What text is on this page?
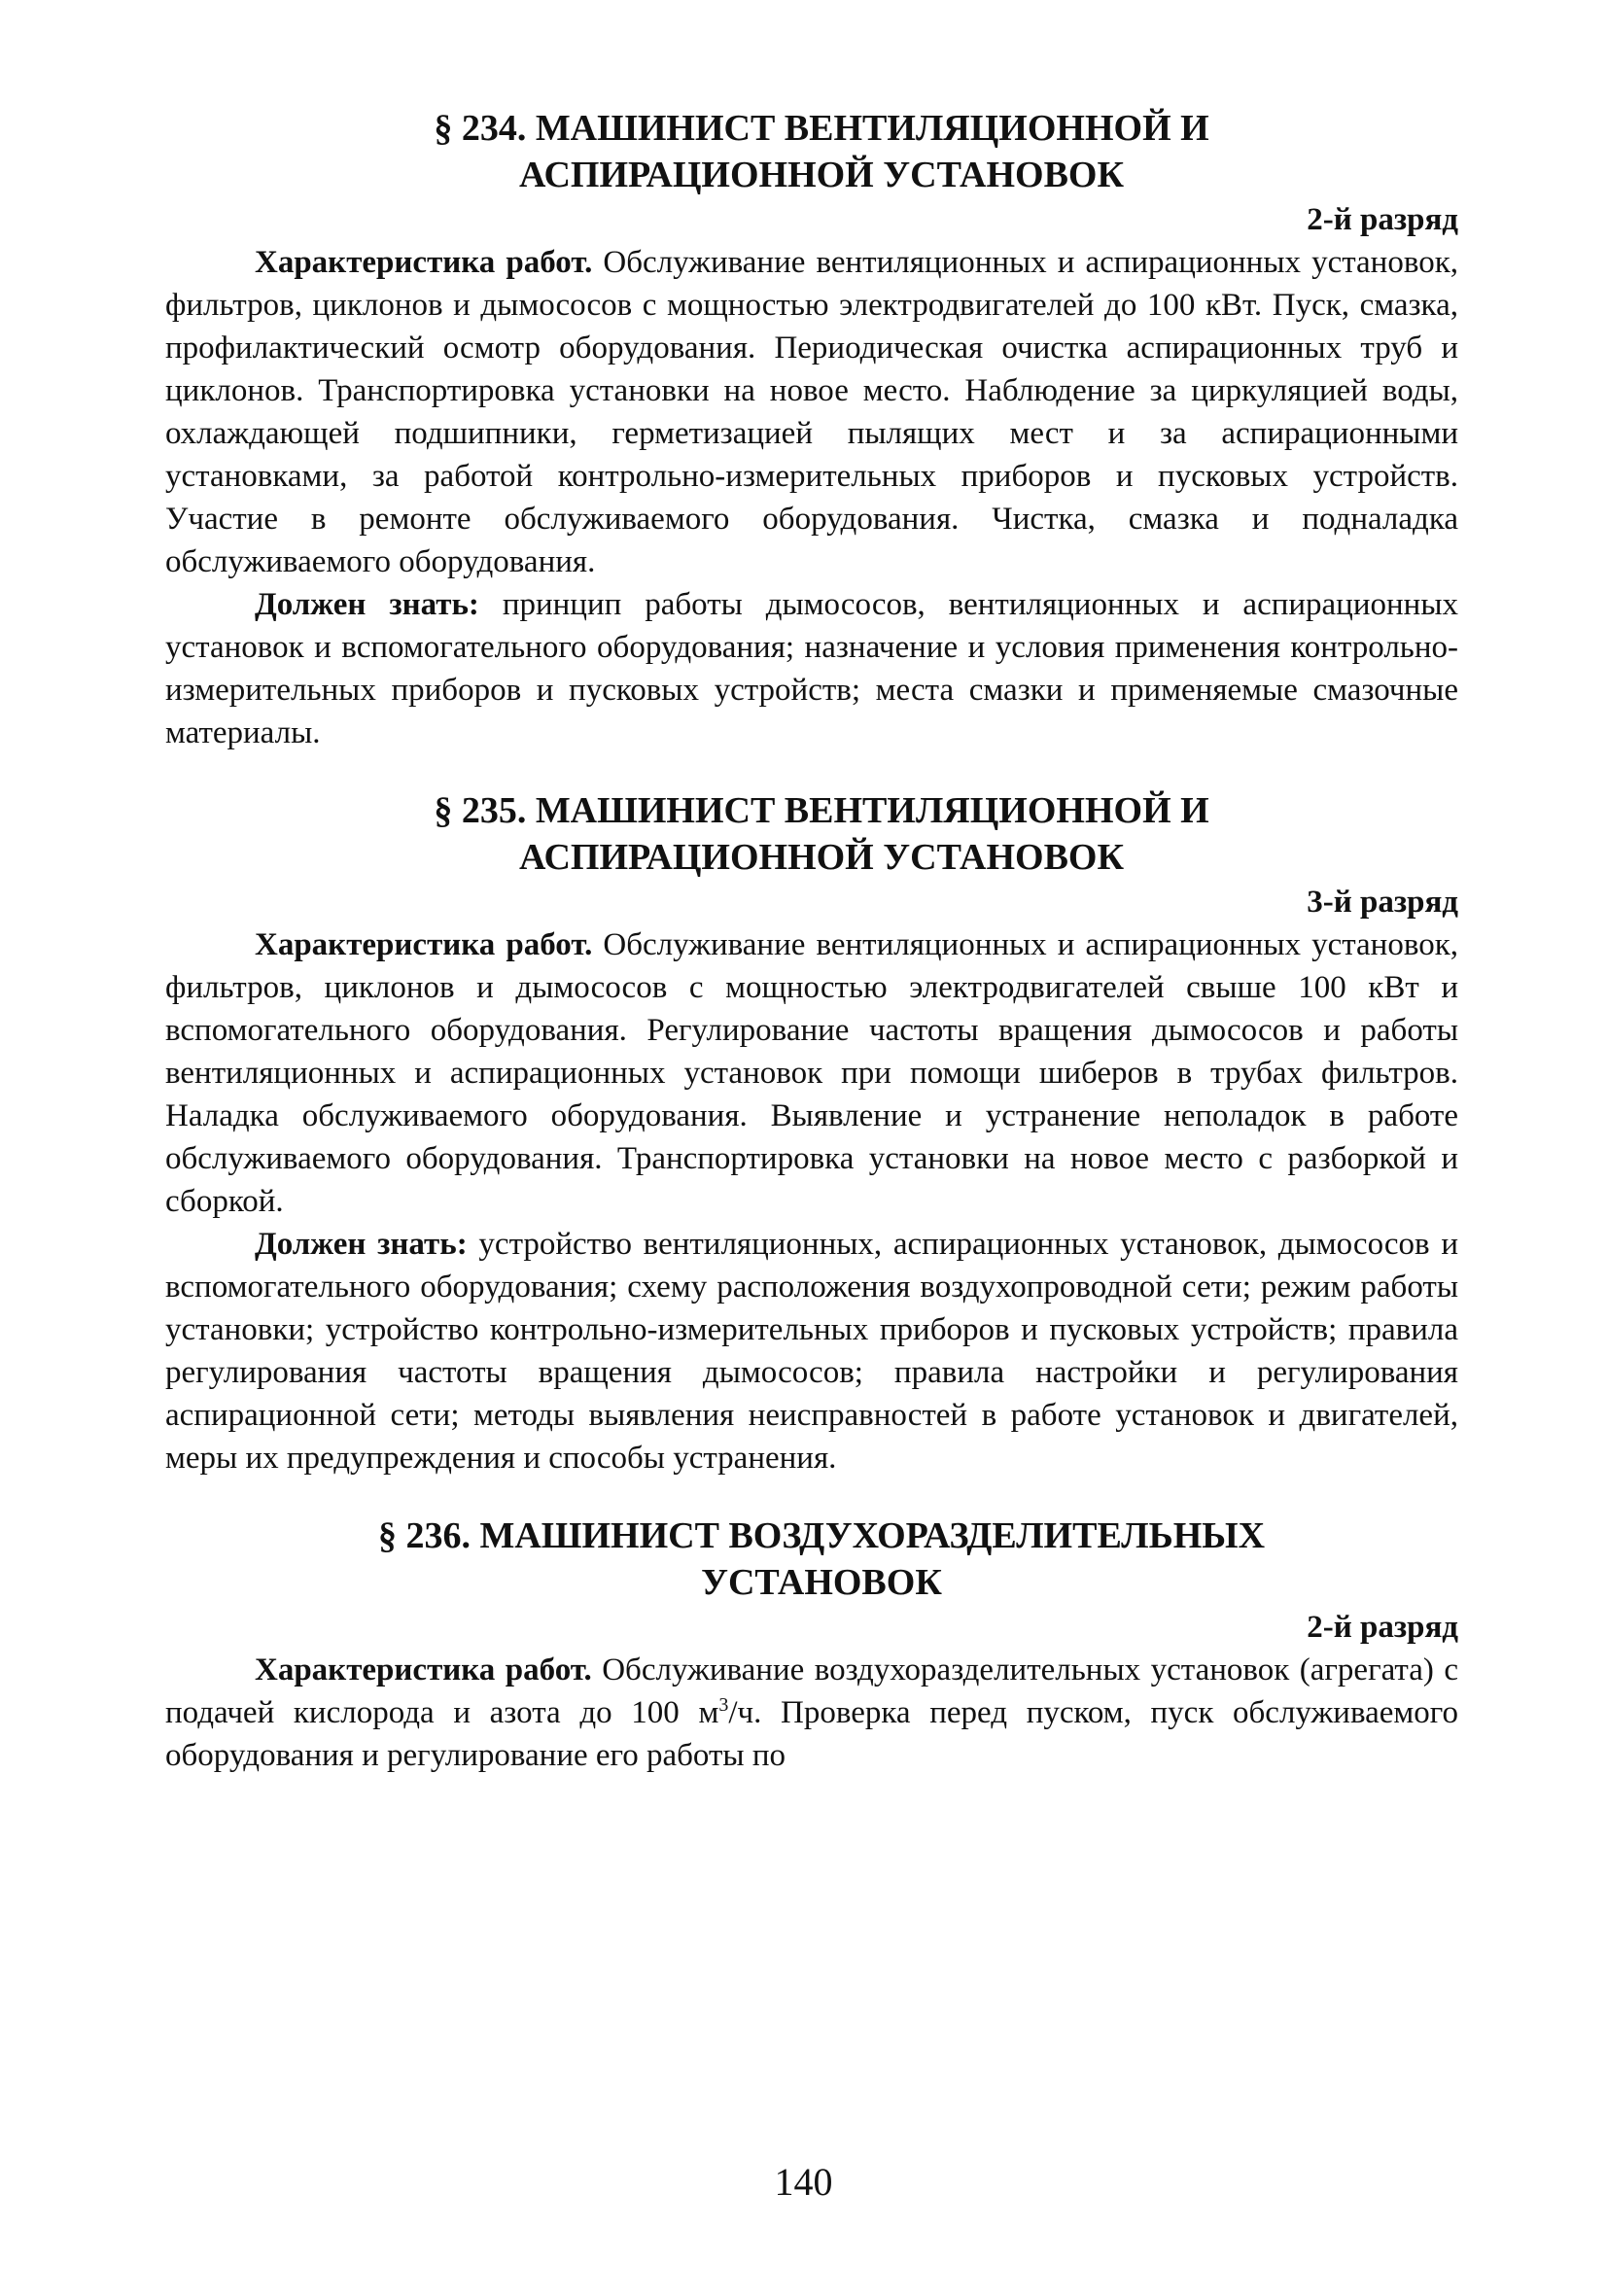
§ 234. МАШИНИСТ ВЕНТИЛЯЦИОННОЙ И
АСПИРАЦИОННОЙ УСТАНОВОК

2-й разряд

Характеристика работ. Обслуживание вентиляционных и аспирационных установок, фильтров, циклонов и дымососов с мощностью электродвигателей до 100 кВт. Пуск, смазка, профилактический осмотр оборудования. Периодическая очистка аспирационных труб и циклонов. Транспортировка установки на новое место. Наблюдение за циркуляцией воды, охлаждающей подшипники, герметизацией пылящих мест и за аспирационными установками, за работой контрольно-измерительных приборов и пусковых устройств. Участие в ремонте обслуживаемого оборудования. Чистка, смазка и подналадка обслуживаемого оборудования.

Должен знать: принцип работы дымососов, вентиляционных и аспирационных установок и вспомогательного оборудования; назначение и условия применения контрольно-измерительных приборов и пусковых устройств; места смазки и применяемые смазочные материалы.

§ 235. МАШИНИСТ ВЕНТИЛЯЦИОННОЙ И
АСПИРАЦИОННОЙ УСТАНОВОК

3-й разряд

Характеристика работ. Обслуживание вентиляционных и аспирационных установок, фильтров, циклонов и дымососов с мощностью электродвигателей свыше 100 кВт и вспомогательного оборудования. Регулирование частоты вращения дымососов и работы вентиляционных и аспирационных установок при помощи шиберов в трубах фильтров. Наладка обслуживаемого оборудования. Выявление и устранение неполадок в работе обслуживаемого оборудования. Транспортировка установки на новое место с разборкой и сборкой.

Должен знать: устройство вентиляционных, аспирационных установок, дымососов и вспомогательного оборудования; схему расположения воздухопроводной сети; режим работы установки; устройство контрольно-измерительных приборов и пусковых устройств; правила регулирования частоты вращения дымососов; правила настройки и регулирования аспирационной сети; методы выявления неисправностей в работе установок и двигателей, меры их предупреждения и способы устранения.

§ 236. МАШИНИСТ ВОЗДУХОРАЗДЕЛИТЕЛЬНЫХ
УСТАНОВОК

2-й разряд

Характеристика работ. Обслуживание воздухоразделительных установок (агрегата) с подачей кислорода и азота до 100 $м^3/ч$. Проверка перед пуском, пуск обслуживаемого оборудования и регулирование его работы по

140
